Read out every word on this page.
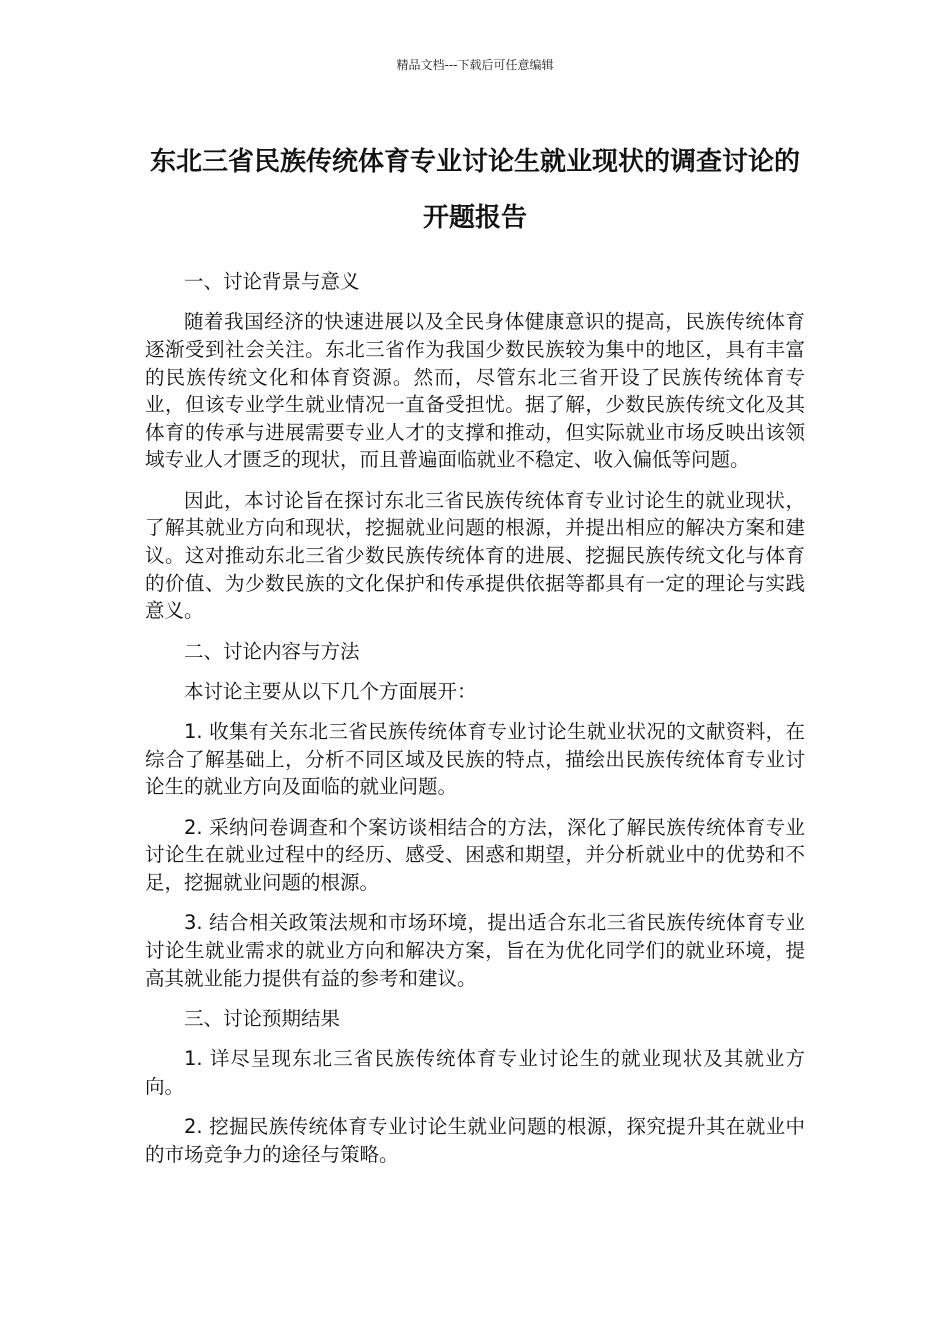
精品文档---下载后可任意编辑
东北三省民族传统体育专业讨论生就业现状的调查讨论的开题报告

一、讨论背景与意义

随着我国经济的快速进展以及全民身体健康意识的提高，民族传统体育逐渐受到社会关注。东北三省作为我国少数民族较为集中的地区，具有丰富的民族传统文化和体育资源。然而，尽管东北三省开设了民族传统体育专业，但该专业学生就业情况一直备受担忧。据了解，少数民族传统文化及其体育的传承与进展需要专业人才的支撑和推动，但实际就业市场反映出该领域专业人才匮乏的现状，而且普遍面临就业不稳定、收入偏低等问题。

因此，本讨论旨在探讨东北三省民族传统体育专业讨论生的就业现状，了解其就业方向和现状，挖掘就业问题的根源，并提出相应的解决方案和建议。这对推动东北三省少数民族传统体育的进展、挖掘民族传统文化与体育的价值、为少数民族的文化保护和传承提供依据等都具有一定的理论与实践意义。

二、讨论内容与方法

本讨论主要从以下几个方面展开：

1. 收集有关东北三省民族传统体育专业讨论生就业状况的文献资料，在综合了解基础上，分析不同区域及民族的特点，描绘出民族传统体育专业讨论生的就业方向及面临的就业问题。

2. 采纳问卷调查和个案访谈相结合的方法，深化了解民族传统体育专业讨论生在就业过程中的经历、感受、困惑和期望，并分析就业中的优势和不足，挖掘就业问题的根源。

3. 结合相关政策法规和市场环境，提出适合东北三省民族传统体育专业讨论生就业需求的就业方向和解决方案，旨在为优化同学们的就业环境，提高其就业能力提供有益的参考和建议。

三、讨论预期结果

1. 详尽呈现东北三省民族传统体育专业讨论生的就业现状及其就业方向。

2. 挖掘民族传统体育专业讨论生就业问题的根源，探究提升其在就业中的市场竞争力的途径与策略。
